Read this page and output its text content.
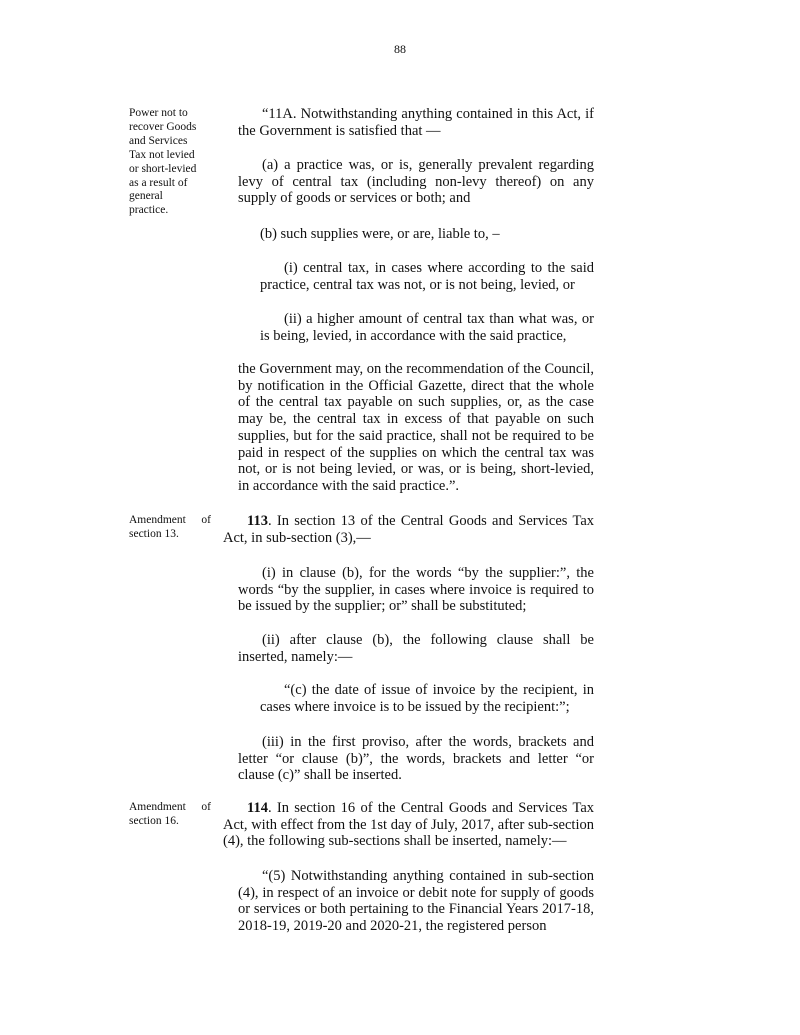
88
Power not to
recover Goods
and Services
Tax not levied
or short-levied
as a result of
general
practice.
Amendment of
section 13.
Amendment of
section 16.
“11A. Notwithstanding anything contained in this Act, if the Government is satisfied that —
(a) a practice was, or is, generally prevalent regarding levy of central tax (including non-levy thereof) on any supply of goods or services or both; and
(b) such supplies were, or are, liable to, –
(i) central tax, in cases where according to the said practice, central tax was not, or is not being, levied, or
(ii) a higher amount of central tax than what was, or is being, levied, in accordance with the said practice,
the Government may, on the recommendation of the Council, by notification in the Official Gazette, direct that the whole of the central tax payable on such supplies, or, as the case may be, the central tax in excess of that payable on such supplies, but for the said practice, shall not be required to be paid in respect of the supplies on which the central tax was not, or is not being levied, or was, or is being, short-levied, in accordance with the said practice.”.
113. In section 13 of the Central Goods and Services Tax Act, in sub-section (3),—
(i) in clause (b), for the words “by the supplier:”, the words “by the supplier, in cases where invoice is required to be issued by the supplier; or” shall be substituted;
(ii) after clause (b), the following clause shall be inserted, namely:—
“(c) the date of issue of invoice by the recipient, in cases where invoice is to be issued by the recipient:”;
(iii) in the first proviso, after the words, brackets and letter “or clause (b)”, the words, brackets and letter “or clause (c)” shall be inserted.
114. In section 16 of the Central Goods and Services Tax Act, with effect from the 1st day of July, 2017, after sub-section (4), the following sub-sections shall be inserted, namely:—
“(5) Notwithstanding anything contained in sub-section (4), in respect of an invoice or debit note for supply of goods or services or both pertaining to the Financial Years 2017-18, 2018-19, 2019-20 and 2020-21, the registered person
